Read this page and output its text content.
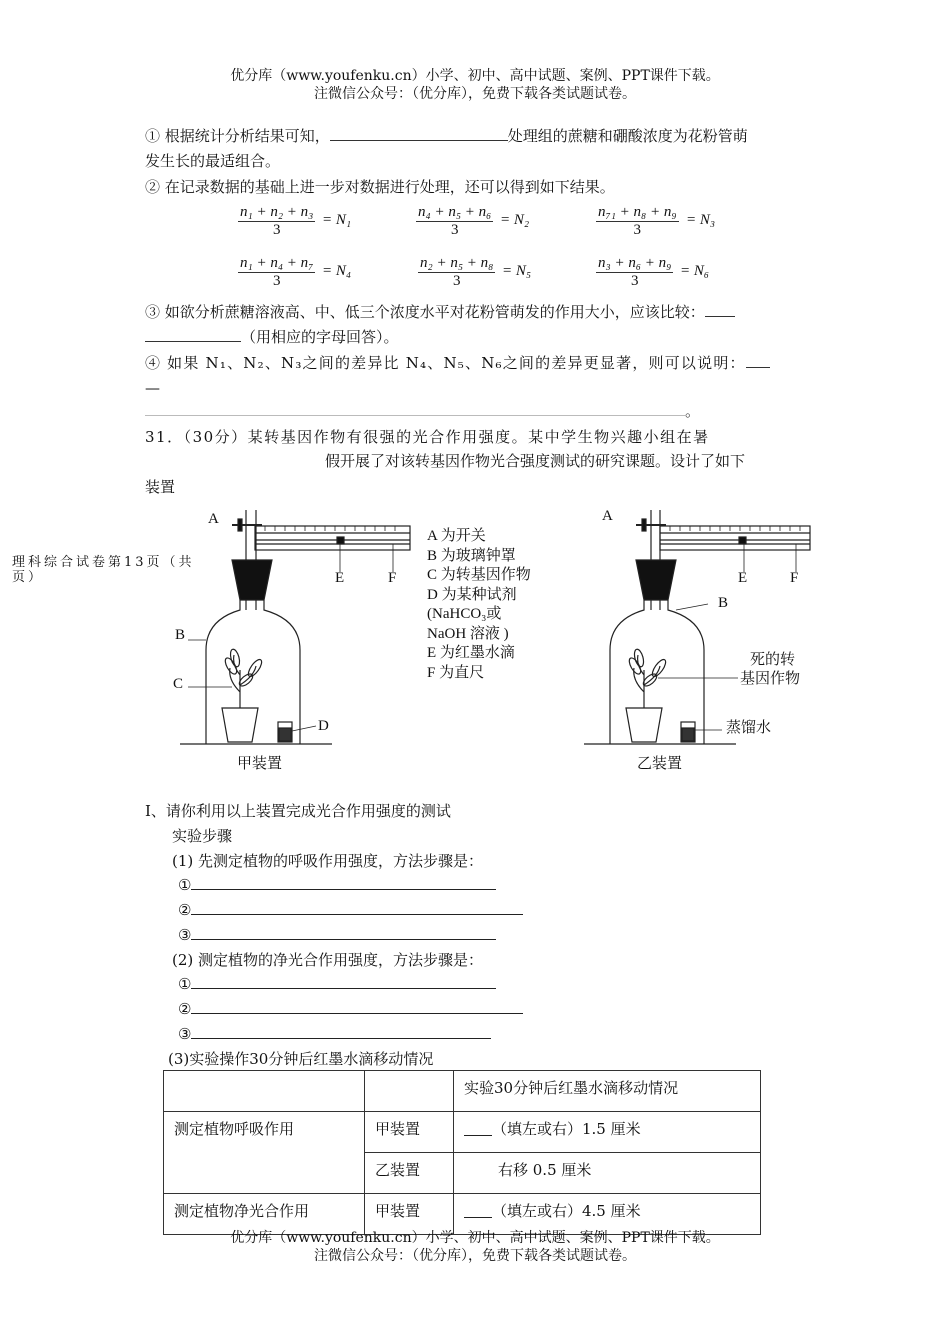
优分库（www.youfenku.cn）小学、初中、高中试题、案例、PPT课件下载。
注微信公众号：（优分库），免费下载各类试题试卷。
① 根据统计分析结果可知，	处理组的蔗糖和硼酸浓度为花粉管萌
发生长的最适组合。
② 在记录数据的基础上进一步对数据进行处理，还可以得到如下结果。
n₁ + n₂ + n₃
3
= N₁	n₄ + n₅ + n₆
3
= N₂	n₇₁ + n₈ + n₉
3
= N₃
n₁ + n₄ + n₇
3
= N₄	n₂ + n₅ + n₈
3
= N₅	n₃ + n₆ + n₉
3
= N₆
③ 如欲分析蔗糖溶液高、中、低三个浓度水平对花粉管萌发的作用大小，应该比较：
（用相应的字母回答）。
④ 如果 N₁、N₂、N₃之间的差异比 N₄、N₅、N₆之间的差异更显著，则可以说明：
—
。
31．（30分）某转基因作物有很强的光合作用强度。某中学生物兴趣小组在暑
假开展了对该转基因作物光合强度测试的研究课题。设计了如下
装置
理科综合试卷第13页（共页）
A
E	F
B
C
D
甲装置
A 为开关
B 为玻璃钟罩
C 为转基因作物
D 为某种试剂
(NaHCO₃或
NaOH 溶液 )
E 为红墨水滴
F 为直尺
A
E	F
B
死的转
基因作物
蒸馏水
乙装置
I、请你利用以上装置完成光合作用强度的测试
实验步骤
(1) 先测定植物的呼吸作用强度，方法步骤是：
①
②
③
(2) 测定植物的净光合作用强度，方法步骤是：
①
②
③
(3)实验操作30分钟后红墨水滴移动情况
		实验30分钟后红墨水滴移动情况
测定植物呼吸作用	甲装置	（填左或右）1.5 厘米
	乙装置	右移 0.5 厘米
测定植物净光合作用	甲装置	（填左或右）4.5 厘米
优分库（www.youfenku.cn）小学、初中、高中试题、案例、PPT课件下载。
注微信公众号：（优分库），免费下载各类试题试卷。
